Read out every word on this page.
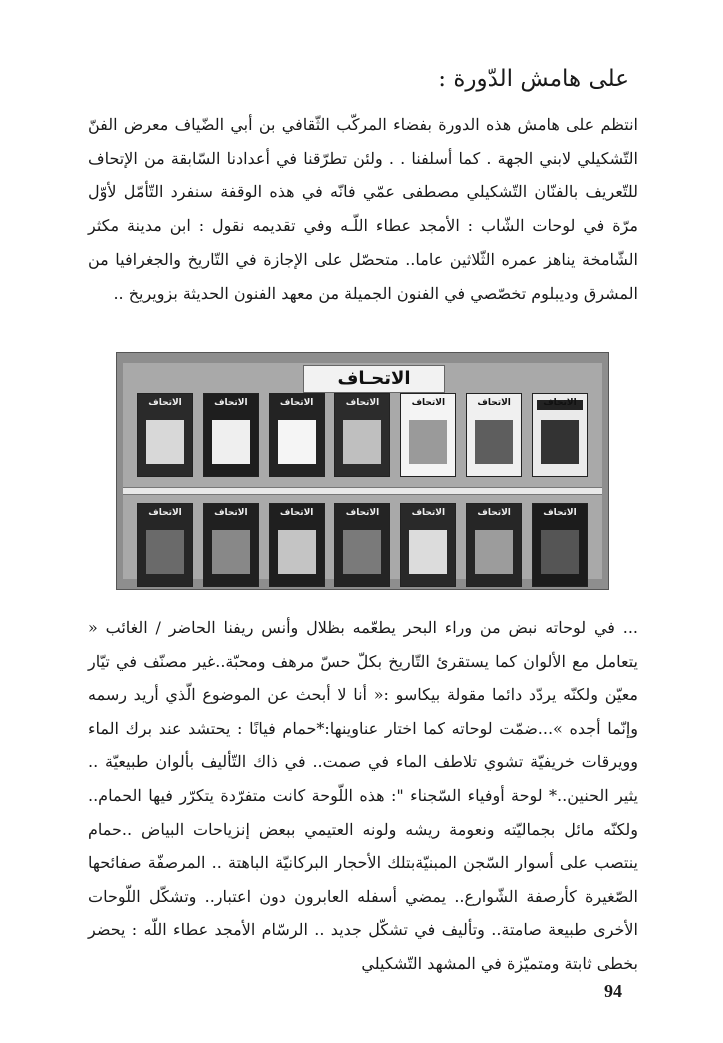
على هامش الدّورة :

انتظم على هامش هذه الدورة بفضاء المركّب الثّقافي بن أبي الضّياف معرض الفنّ التّشكيلي لابني الجهة . كما أسلفنا . . ولئن تطرّقنا في أعدادنا السّابقة من الإتحاف للتّعريف بالفنّان التّشكيلي مصطفى عمّي فانّه في هذه الوقفة سنفرد التّأمّل لأوّل مرّة في لوحات الشّاب : الأمجد عطاء اللّـه وفي تقديمه نقول : ابن مدينة مكثر الشّامخة يناهز عمره الثّلاثين عاما.. متحصّل على الإجازة في التّاريخ والجغرافيا من المشرق وديبلوم تخصّصي في الفنون الجميلة من معهد الفنون الحديثة بزويريخ ..

الاتحـاف
الاتحاف	الاتحاف	الاتحاف	الاتحاف	الاتحاف	الاتحاف	الاتحاف
الاتحاف	الاتحاف	الاتحاف	الاتحاف	الاتحاف	الاتحاف	الاتحاف

... في لوحاته نبض من وراء البحر يطعّمه بظلال وأنس ريفنا الحاضر / الغائب « يتعامل مع الألوان كما يستقرئ التّاريخ بكلّ حسّ مرهف ومحبّة..غير مصنّف في تيّار معيّن ولكنّه يردّد دائما مقولة بيكاسو :« أنا لا أبحث عن الموضوع الّذي أريد رسمه وإنّما أجده »...ضمّت لوحاته كما اختار عناوينها:*حمام فيانًا : يحتشد عند برك الماء وويرقات خريفيّة تشوي تلاطف الماء في صمت.. في ذاك التّأليف بألوان طبيعيّة .. يثير الحنين..* لوحة أوفياء السّجناء ": هذه اللّوحة كانت متفرّدة يتكرّر فيها الحمام.. ولكنّه مائل بجماليّته ونعومة ريشه ولونه العتيمي ببعض إنزياحات البياض ..حمام ينتصب على أسوار السّجن المبنيّةبتلك الأحجار البركانيّة الباهتة .. المرصفّة صفائحها الصّغيرة كأرصفة الشّوارع.. يمضي أسفله العابرون دون اعتبار.. وتشكّل اللّوحات الأخرى طبيعة صامتة.. وتأليف في تشكّل جديد .. الرسّام الأمجد عطاء اللّه : يحضر بخطى ثابتة ومتميّزة في المشهد التّشكيلي

94
